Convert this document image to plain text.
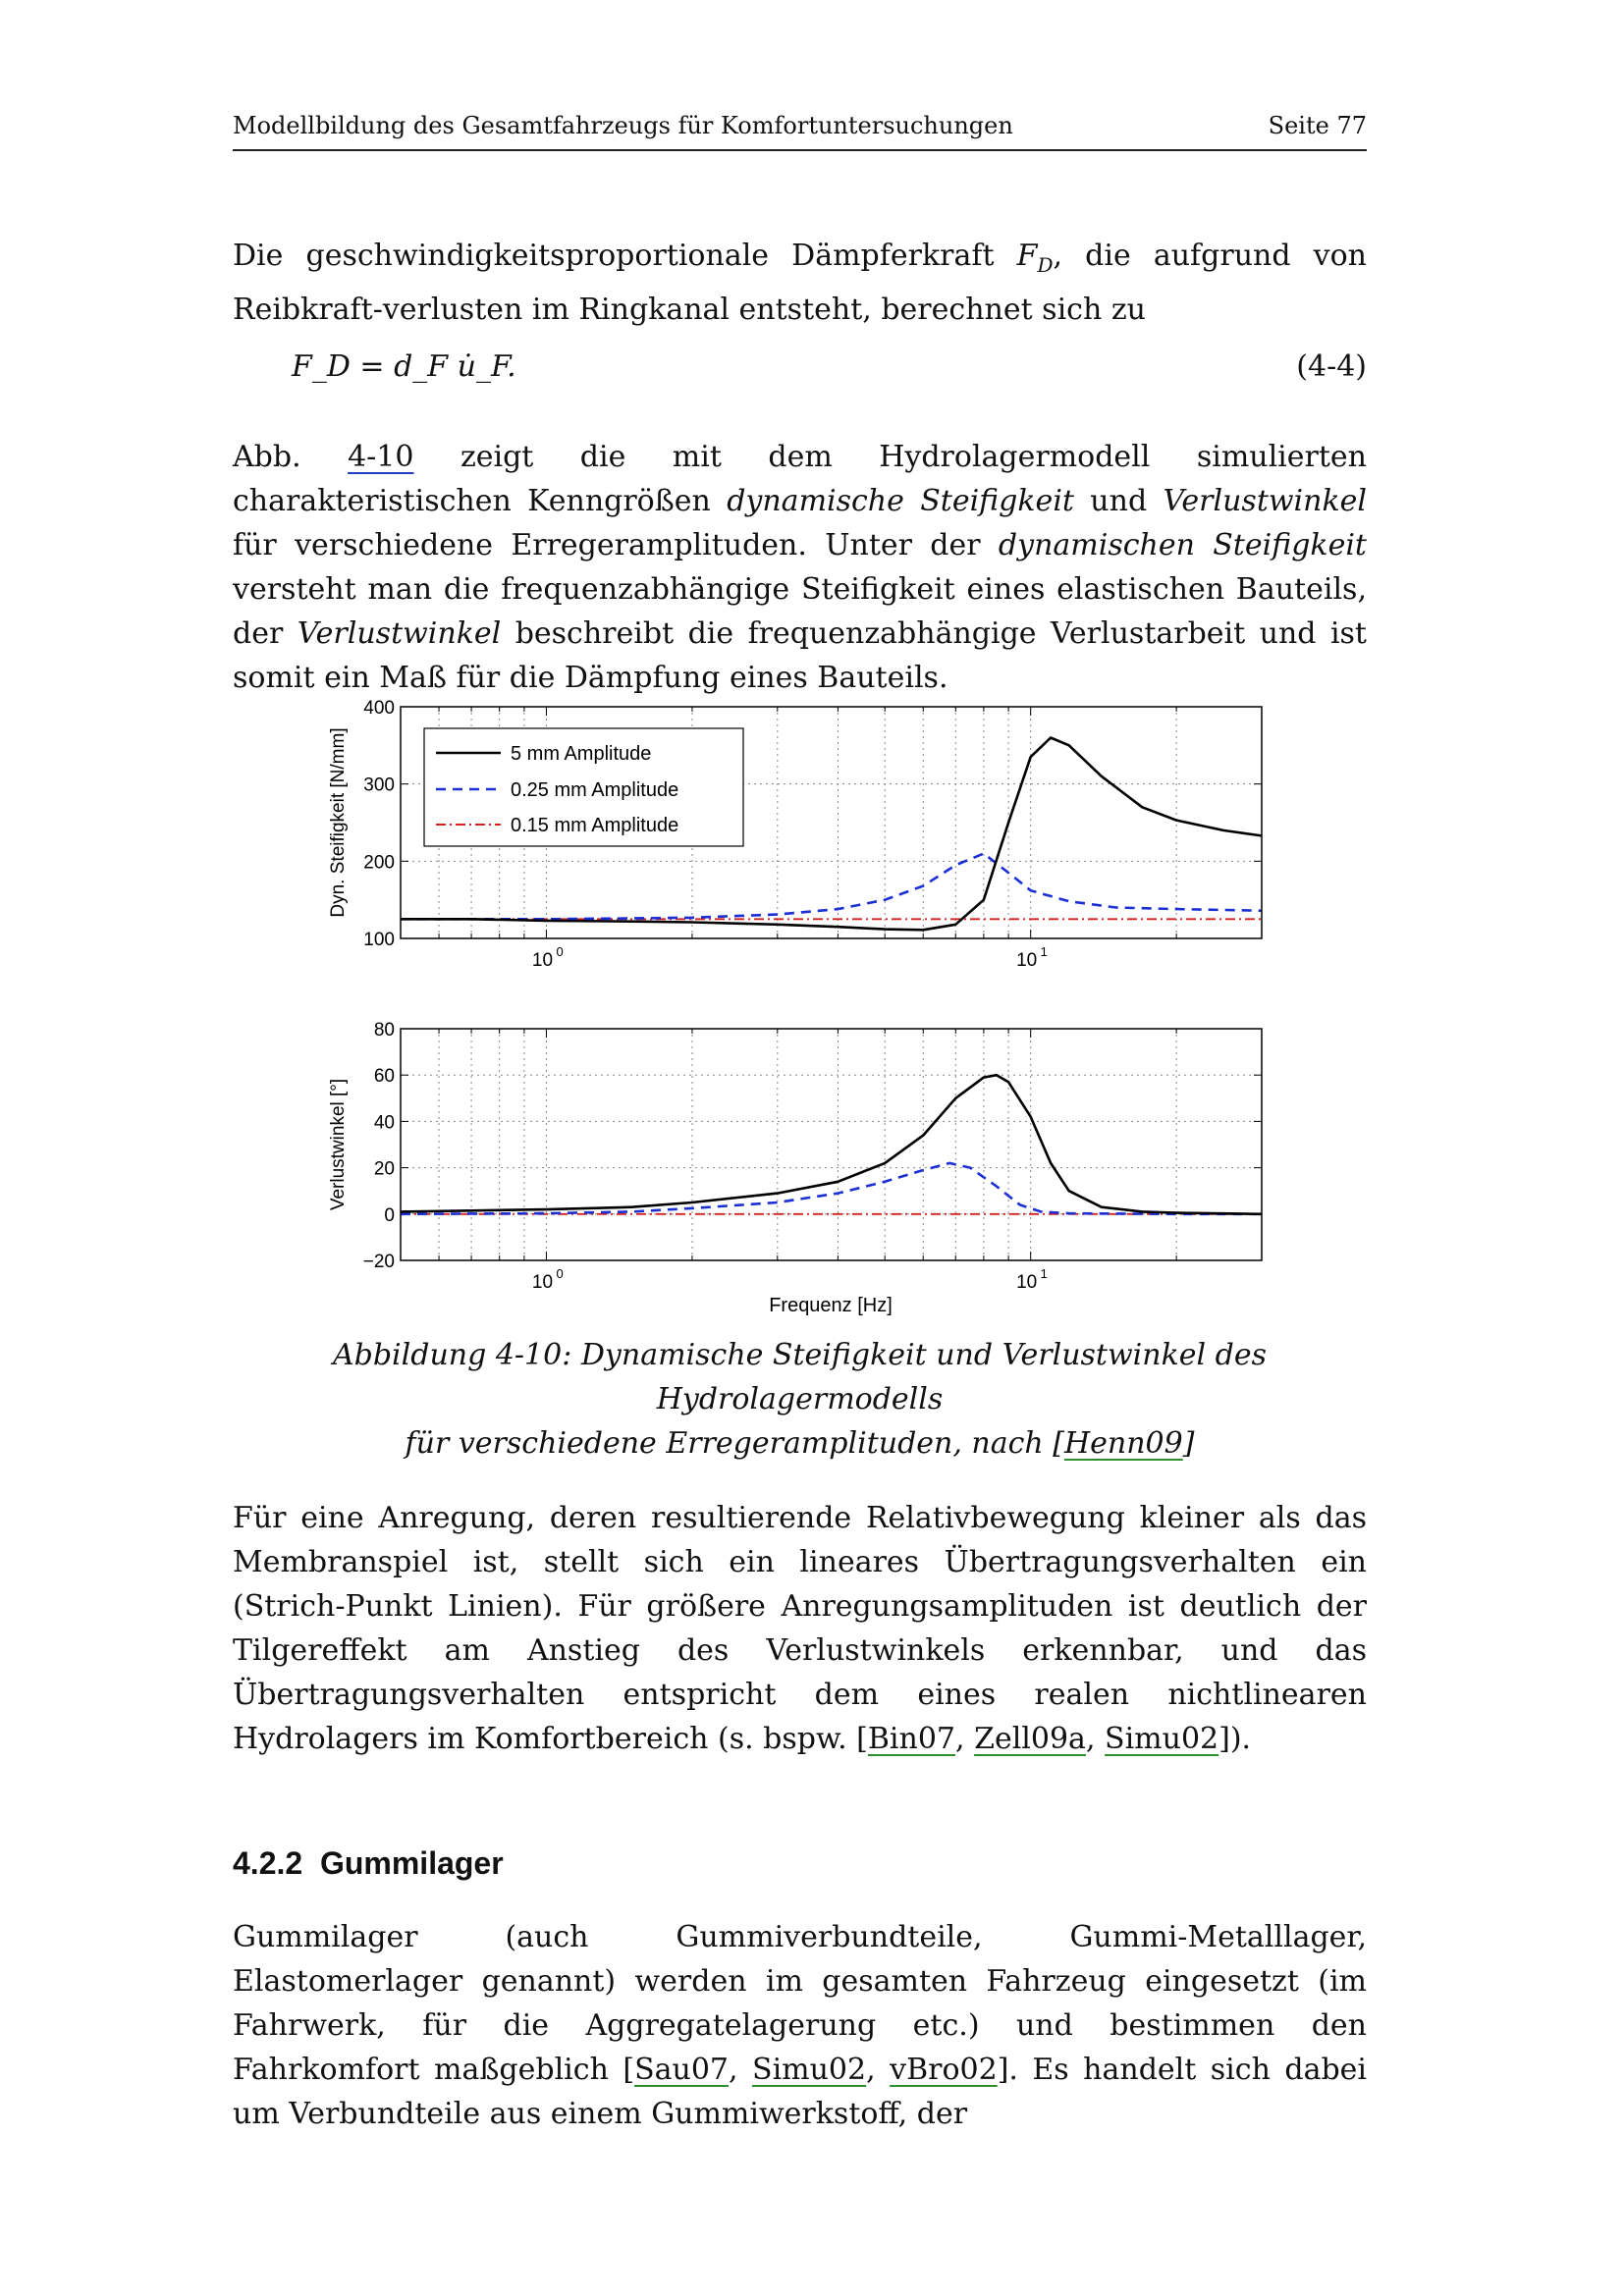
Modellbildung des Gesamtfahrzeugs für Komfortuntersuchungen	Seite 77
Die geschwindigkeitsproportionale Dämpferkraft $F_D$, die aufgrund von Reibkraft-verlusten im Ringkanal entsteht, berechnet sich zu
F_D = d_F u̇_F.	(4-4)
Abb. 4-10 zeigt die mit dem Hydrolagermodell simulierten charakteristischen Kenngrößen dynamische Steifigkeit und Verlustwinkel für verschiedene Erregeramplituden. Unter der dynamischen Steifigkeit versteht man die frequenzabhängige Steifigkeit eines elastischen Bauteils, der Verlustwinkel beschreibt die frequenzabhängige Verlustarbeit und ist somit ein Maß für die Dämpfung eines Bauteils.
100
200
300
400
10 0	10 1
Dyn. Steifigkeit [N/mm]	5 mm Amplitude
0.25 mm Amplitude
0.15 mm Amplitude
−20
0
20
40
60
80
10 0	10 1
Verlustwinkel [°]
Frequenz [Hz]
Abbildung 4-10: Dynamische Steifigkeit und Verlustwinkel des Hydrolagermodells
für verschiedene Erregeramplituden, nach [Henn09]
Für eine Anregung, deren resultierende Relativbewegung kleiner als das Membranspiel ist, stellt sich ein lineares Übertragungsverhalten ein (Strich-Punkt Linien). Für größere Anregungsamplituden ist deutlich der Tilgereffekt am Anstieg des Verlustwinkels erkennbar, und das Übertragungsverhalten entspricht dem eines realen nichtlinearen Hydrolagers im Komfortbereich (s. bspw. [Bin07, Zell09a, Simu02]).
4.2.2 Gummilager
Gummilager (auch Gummiverbundteile, Gummi-Metalllager, Elastomerlager genannt) werden im gesamten Fahrzeug eingesetzt (im Fahrwerk, für die Aggregatelagerung etc.) und bestimmen den Fahrkomfort maßgeblich [Sau07, Simu02, vBro02]. Es handelt sich dabei um Verbundteile aus einem Gummiwerkstoff, der
